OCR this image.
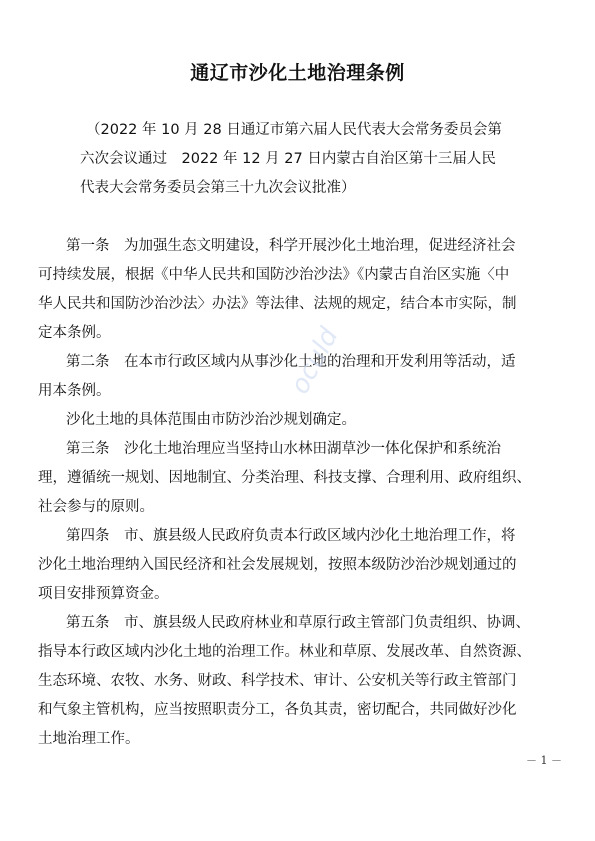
通辽市沙化土地治理条例

（2022 年 10 月 28 日通辽市第六届人民代表大会常务委员会第

六次会议通过　2022 年 12 月 27 日内蒙古自治区第十三届人民

代表大会常务委员会第三十九次会议批准）

第一条　为加强生态文明建设，科学开展沙化土地治理，促进经济社会

可持续发展，根据《中华人民共和国防沙治沙法》《内蒙古自治区实施〈中

华人民共和国防沙治沙法〉办法》等法律、法规的规定，结合本市实际，制

定本条例。

第二条　在本市行政区域内从事沙化土地的治理和开发利用等活动，适

用本条例。

沙化土地的具体范围由市防沙治沙规划确定。

第三条　沙化土地治理应当坚持山水林田湖草沙一体化保护和系统治

理，遵循统一规划、因地制宜、分类治理、科技支撑、合理利用、政府组织、

社会参与的原则。

第四条　市、旗县级人民政府负责本行政区域内沙化土地治理工作，将

沙化土地治理纳入国民经济和社会发展规划，按照本级防沙治沙规划通过的

项目安排预算资金。

第五条　市、旗县级人民政府林业和草原行政主管部门负责组织、协调、

指导本行政区域内沙化土地的治理工作。林业和草原、发展改革、自然资源、

生态环境、农牧、水务、财政、科学技术、审计、公安机关等行政主管部门

和气象主管机构，应当按照职责分工，各负其责，密切配合，共同做好沙化

土地治理工作。

oculd
－ 1 －
